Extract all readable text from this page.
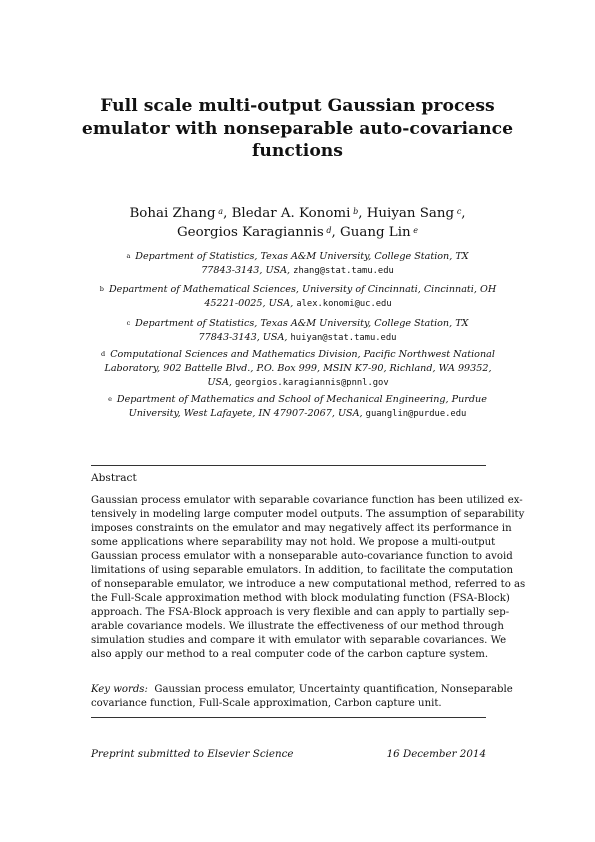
Full scale multi-output Gaussian process
emulator with nonseparable auto-covariance
functions
Bohai Zhang  $^a$, Bledar A. Konomi  $^b$, Huiyan Sang  $^c$,
Georgios Karagiannis  $^d$, Guang Lin  $^e$
$^a$  Department of Statistics, Texas A&M University, College Station, TX
77843-3143, USA, zhang@stat.tamu.edu
$^b$  Department of Mathematical Sciences, University of Cincinnati, Cincinnati, OH
45221-0025, USA, alex.konomi@uc.edu
$^c$  Department of Statistics, Texas A&M University, College Station, TX
77843-3143, USA, huiyan@stat.tamu.edu
$^d$  Computational Sciences and Mathematics Division, Pacific Northwest National
Laboratory, 902 Battelle Blvd., P.O. Box 999, MSIN K7-90, Richland, WA 99352,
USA, georgios.karagiannis@pnnl.gov
$^e$  Department of Mathematics and School of Mechanical Engineering, Purdue
University, West Lafayete, IN 47907-2067, USA, guanglin@purdue.edu
Abstract
Gaussian process emulator with separable covariance function has been utilized ex-
tensively in modeling large computer model outputs. The assumption of separability
imposes constraints on the emulator and may negatively affect its performance in
some applications where separability may not hold. We propose a multi-output
Gaussian process emulator with a nonseparable auto-covariance function to avoid
limitations of using separable emulators. In addition, to facilitate the computation
of nonseparable emulator, we introduce a new computational method, referred to as
the Full-Scale approximation method with block modulating function (FSA-Block)
approach. The FSA-Block approach is very flexible and can apply to partially sep-
arable covariance models. We illustrate the effectiveness of our method through
simulation studies and compare it with emulator with separable covariances. We
also apply our method to a real computer code of the carbon capture system.
Key words: Gaussian process emulator, Uncertainty quantification, Nonseparable
covariance function, Full-Scale approximation, Carbon capture unit.
Preprint submitted to Elsevier Science	16 December 2014
